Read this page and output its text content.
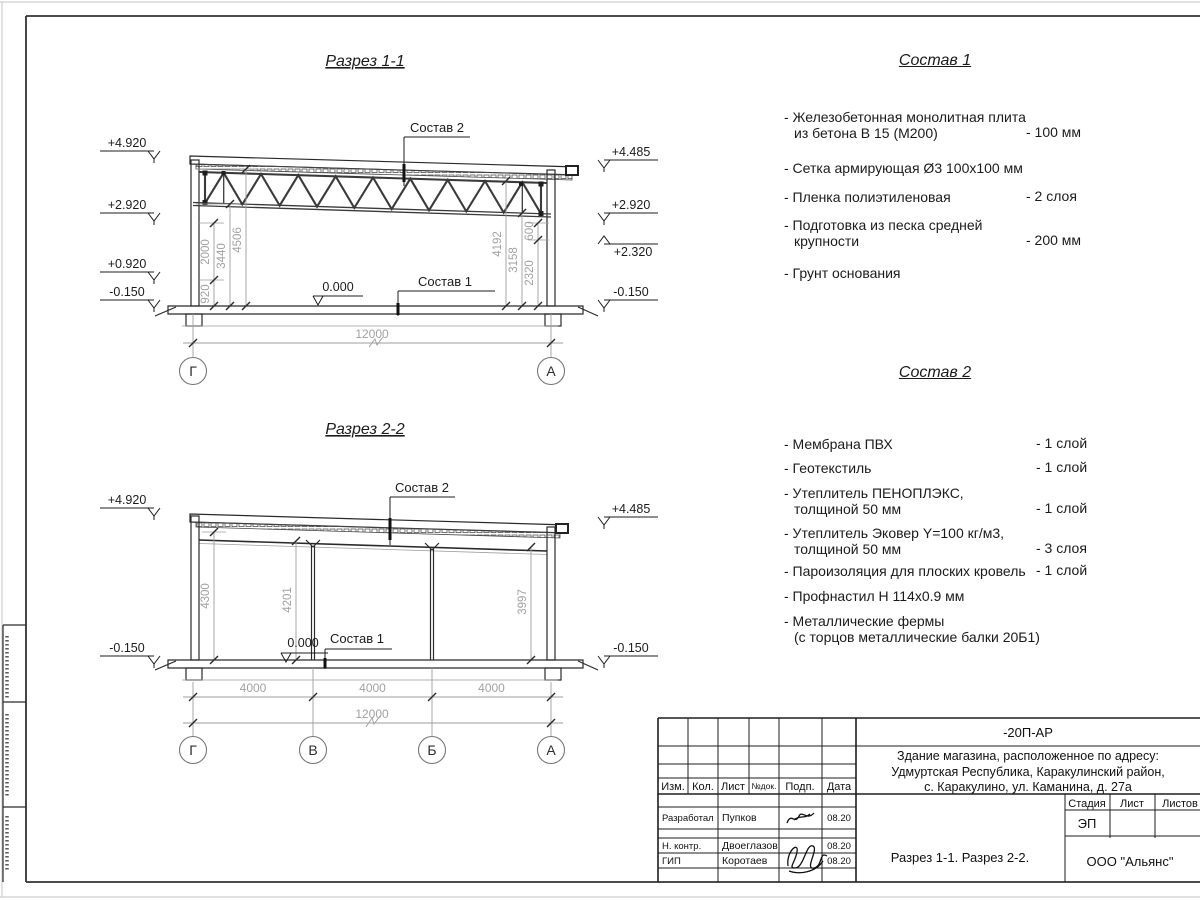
Разрез 1-1
920
2000 3440
4506	4192
3158
2320
600
12000
Г	А
Состав 2
Состав 1
0.000
+4.920
+2.920
+0.920
-0.150
+4.485
+2.920
+2.320
-0.150
Разрез 2-2
4300	4201	3997
4000	4000	4000
12000
Г	В	Б	А
Состав 2
Состав 1
0.000
+4.920
-0.150
+4.485
-0.150
Изм. Кол. Лист №док. Подп. Дата
Разработал Пупков	08.20
Н. контр. Двоеглазов	08.20
ГИП	Коротаев	08.20
-20П-АР
Здание магазина, расположенное по адресу:
Удмуртская Республика, Каракулинский район,
с. Каракулино, ул. Каманина, д. 27а
Стадия Лист Листов
ЭП
Разрез 1-1. Разрез 2-2.	ООО "Альянс"
Состав 1
- Железобетонная монолитная плита
из бетона В 15 (М200)	- 100 мм
- Сетка армирующая Ø3 100х100 мм
- Пленка полиэтиленовая	- 2 слоя
- Подготовка из песка средней
крупности	- 200 мм
- Грунт основания
Состав 2
- Мембрана ПВХ	- 1 слой
- Геотекстиль	- 1 слой
- Утеплитель ПЕНОПЛЭКС,
толщиной 50 мм	- 1 слой
- Утеплитель Эковер Y=100 кг/м3,
толщиной 50 мм	- 3 слоя
- Пароизоляция для плоских кровель - 1 слой
- Профнастил Н 114х0.9 мм
- Металлические фермы
(с торцов металлические балки 20Б1)
